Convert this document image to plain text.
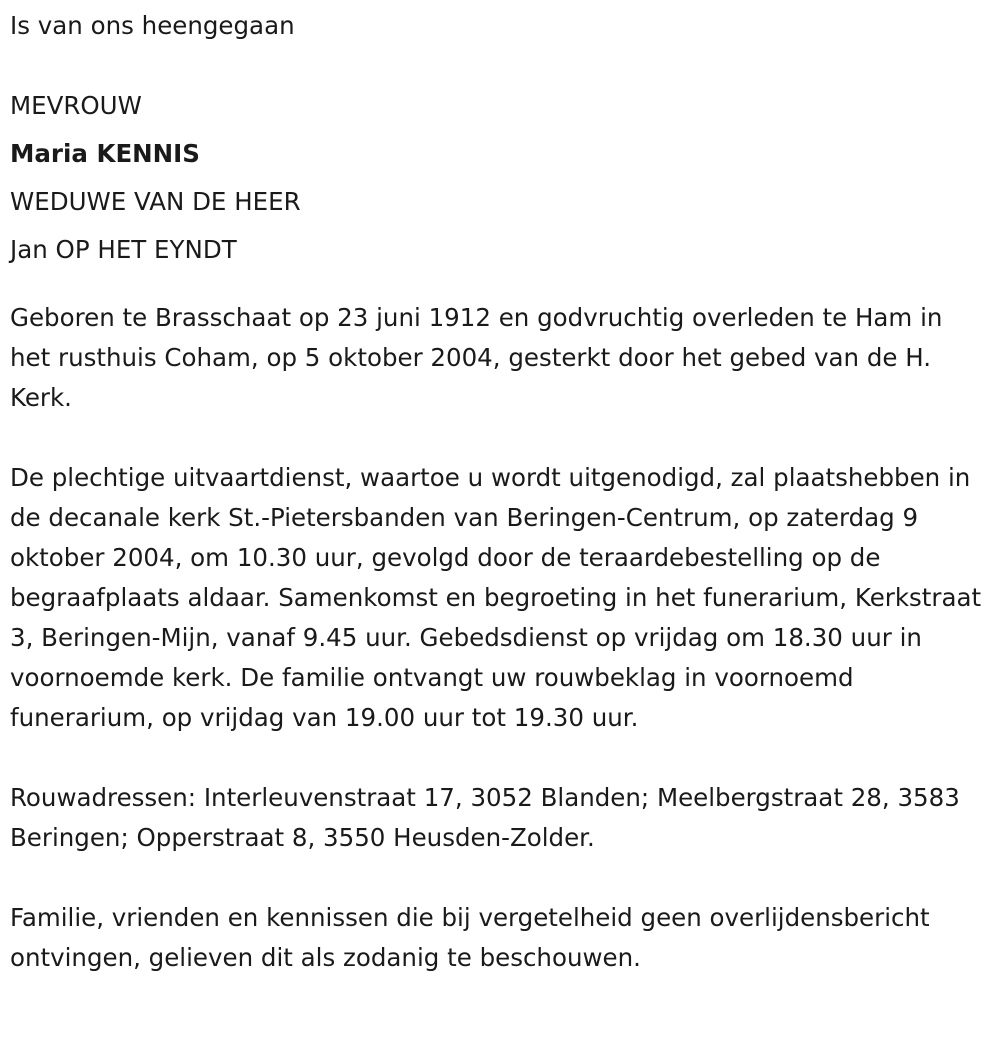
Is van ons heengegaan
MEVROUW
Maria KENNIS
WEDUWE VAN DE HEER
Jan OP HET EYNDT

Geboren te Brasschaat op 23 juni 1912 en godvruchtig overleden te Ham in het rusthuis Coham, op 5 oktober 2004, gesterkt door het gebed van de H. Kerk.

De plechtige uitvaartdienst, waartoe u wordt uitgenodigd, zal plaatshebben in de decanale kerk St.-Pietersbanden van Beringen-Centrum, op zaterdag 9 oktober 2004, om 10.30 uur, gevolgd door de teraardebestelling op de begraafplaats aldaar. Samenkomst en begroeting in het funerarium, Kerkstraat 3, Beringen-Mijn, vanaf 9.45 uur. Gebedsdienst op vrijdag om 18.30 uur in voornoemde kerk. De familie ontvangt uw rouwbeklag in voornoemd funerarium, op vrijdag van 19.00 uur tot 19.30 uur.

Rouwadressen: Interleuvenstraat 17, 3052 Blanden; Meelbergstraat 28, 3583 Beringen; Opperstraat 8, 3550 Heusden-Zolder.

Familie, vrienden en kennissen die bij vergetelheid geen overlijdensbericht ontvingen, gelieven dit als zodanig te beschouwen.
